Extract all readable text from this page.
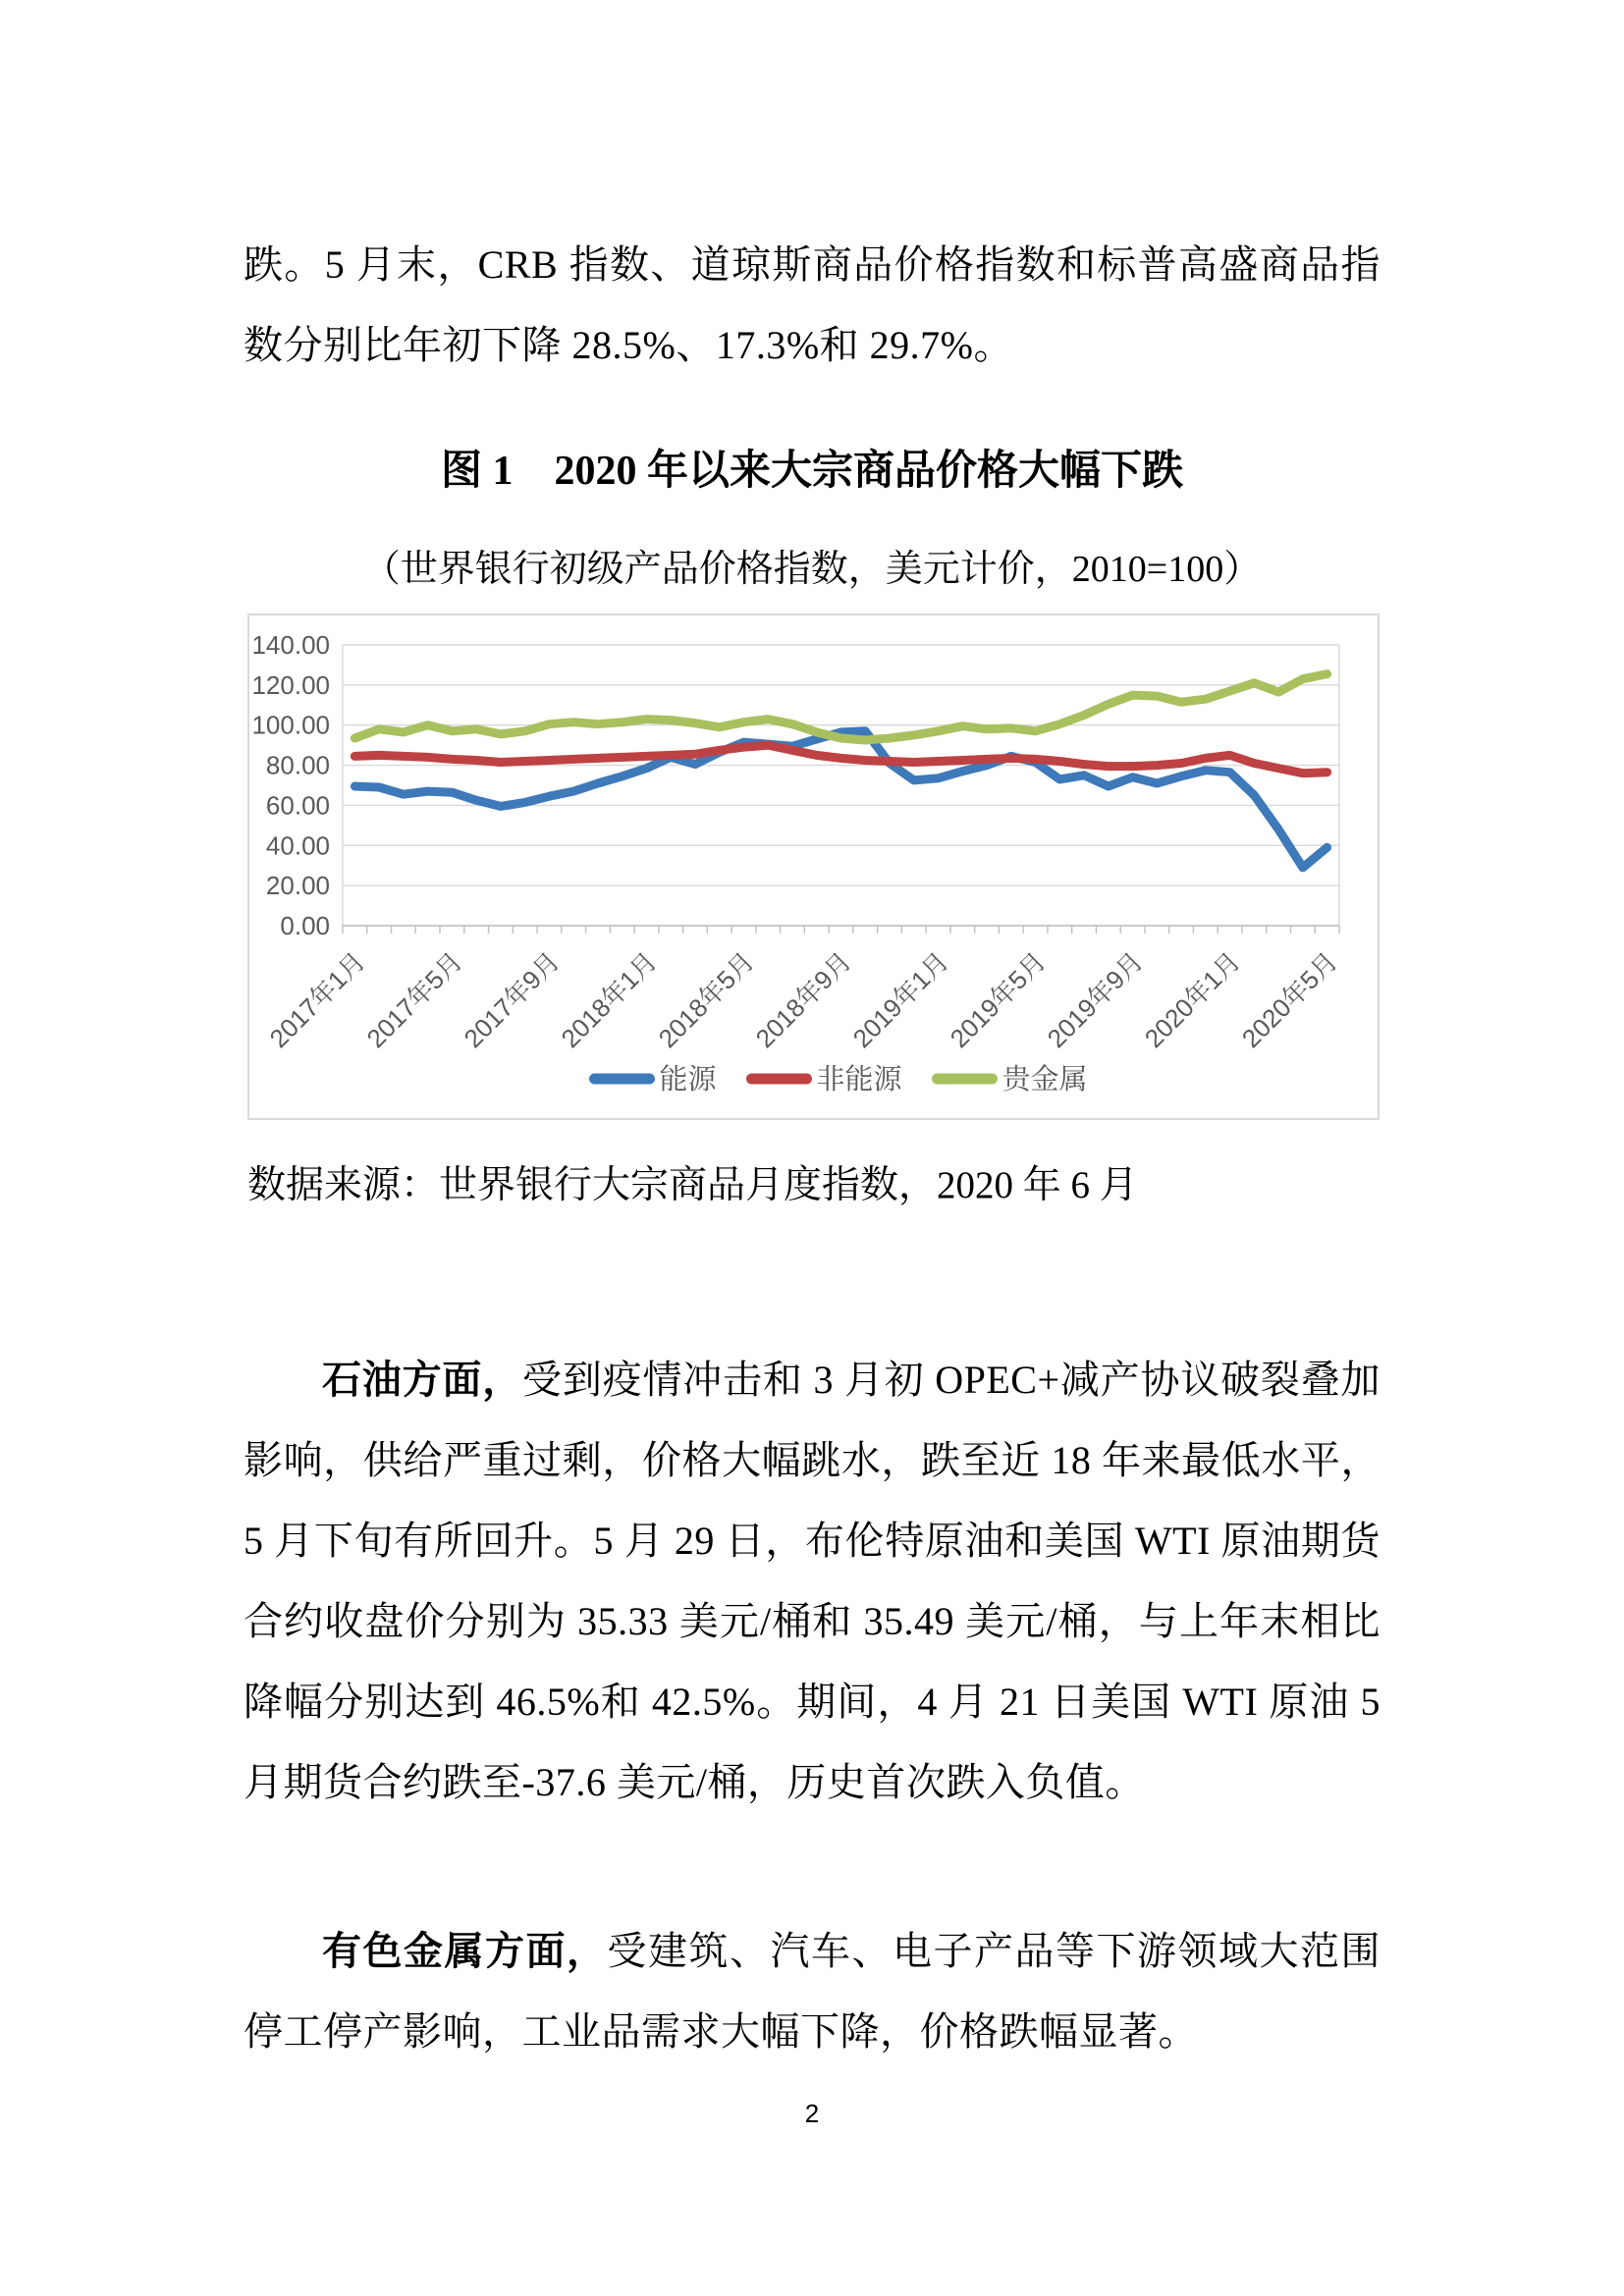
跌。5 月末，CRB 指数、道琼斯商品价格指数和标普高盛商品指数分别比年初下降 28.5%、17.3%和 29.7%。

图 1　2020 年以来大宗商品价格大幅下跌
（世界银行初级产品价格指数，美元计价，2010=100）
0.00
20.00
40.00
60.00
80.00
100.00
120.00
140.00
2017年1月
2017年5月
2017年9月
2018年1月
2018年5月
2018年9月
2019年1月
2019年5月
2019年9月
2020年1月
2020年5月
能源	非能源	贵金属
数据来源：世界银行大宗商品月度指数，2020 年 6 月

石油方面，受到疫情冲击和 3 月初 OPEC+减产协议破裂叠加影响，供给严重过剩，价格大幅跳水，跌至近 18 年来最低水平，5 月下旬有所回升。5 月 29 日，布伦特原油和美国 WTI 原油期货合约收盘价分别为 35.33 美元/桶和 35.49 美元/桶，与上年末相比降幅分别达到 46.5%和 42.5%。期间，4 月 21 日美国 WTI 原油 5 月期货合约跌至-37.6 美元/桶，历史首次跌入负值。

有色金属方面，受建筑、汽车、电子产品等下游领域大范围停工停产影响，工业品需求大幅下降，价格跌幅显著。

2
